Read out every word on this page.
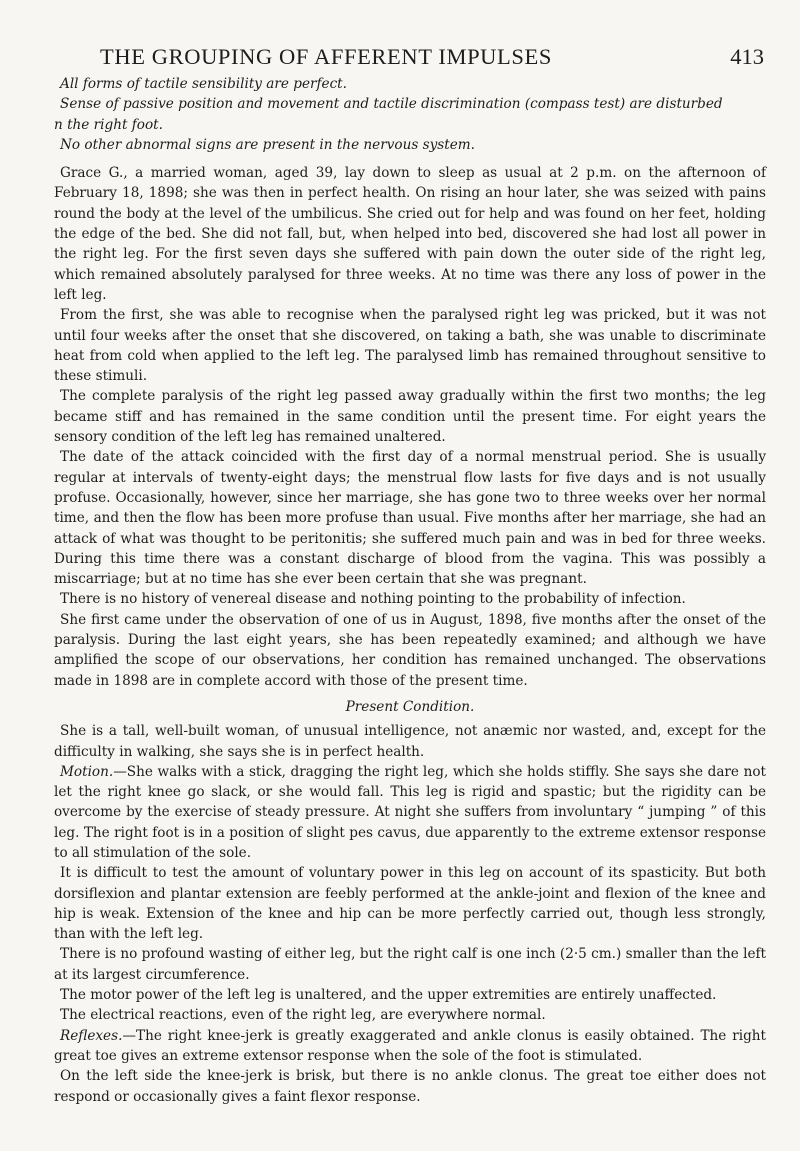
THE GROUPING OF AFFERENT IMPULSES	413

All forms of tactile sensibility are perfect.

Sense of passive position and movement and tactile discrimination (compass test) are disturbed

n the right foot.

No other abnormal signs are present in the nervous system.

Grace G., a married woman, aged 39, lay down to sleep as usual at 2 p.m. on the afternoon of February 18, 1898; she was then in perfect health. On rising an hour later, she was seized with pains round the body at the level of the umbilicus. She cried out for help and was found on her feet, holding the edge of the bed. She did not fall, but, when helped into bed, discovered she had lost all power in the right leg. For the first seven days she suffered with pain down the outer side of the right leg, which remained absolutely paralysed for three weeks. At no time was there any loss of power in the left leg.

From the first, she was able to recognise when the paralysed right leg was pricked, but it was not until four weeks after the onset that she discovered, on taking a bath, she was unable to discriminate heat from cold when applied to the left leg. The paralysed limb has remained throughout sensitive to these stimuli.

The complete paralysis of the right leg passed away gradually within the first two months; the leg became stiff and has remained in the same condition until the present time. For eight years the sensory condition of the left leg has remained unaltered.

The date of the attack coincided with the first day of a normal menstrual period. She is usually regular at intervals of twenty-eight days; the menstrual flow lasts for five days and is not usually profuse. Occasionally, however, since her marriage, she has gone two to three weeks over her normal time, and then the flow has been more profuse than usual. Five months after her marriage, she had an attack of what was thought to be peritonitis; she suffered much pain and was in bed for three weeks. During this time there was a constant discharge of blood from the vagina. This was possibly a miscarriage; but at no time has she ever been certain that she was pregnant.

There is no history of venereal disease and nothing pointing to the probability of infection.

She first came under the observation of one of us in August, 1898, five months after the onset of the paralysis. During the last eight years, she has been repeatedly examined; and although we have amplified the scope of our observations, her condition has remained unchanged. The observations made in 1898 are in complete accord with those of the present time.

Present Condition.

She is a tall, well-built woman, of unusual intelligence, not anæmic nor wasted, and, except for the difficulty in walking, she says she is in perfect health.

Motion.—She walks with a stick, dragging the right leg, which she holds stiffly. She says she dare not let the right knee go slack, or she would fall. This leg is rigid and spastic; but the rigidity can be overcome by the exercise of steady pressure. At night she suffers from involuntary “ jumping ” of this leg. The right foot is in a position of slight pes cavus, due apparently to the extreme extensor response to all stimulation of the sole.

It is difficult to test the amount of voluntary power in this leg on account of its spasticity. But both dorsiflexion and plantar extension are feebly performed at the ankle-joint and flexion of the knee and hip is weak. Extension of the knee and hip can be more perfectly carried out, though less strongly, than with the left leg.

There is no profound wasting of either leg, but the right calf is one inch (2·5 cm.) smaller than the left at its largest circumference.

The motor power of the left leg is unaltered, and the upper extremities are entirely unaffected.

The electrical reactions, even of the right leg, are everywhere normal.

Reflexes.—The right knee-jerk is greatly exaggerated and ankle clonus is easily obtained. The right great toe gives an extreme extensor response when the sole of the foot is stimulated.

On the left side the knee-jerk is brisk, but there is no ankle clonus. The great toe either does not respond or occasionally gives a faint flexor response.
